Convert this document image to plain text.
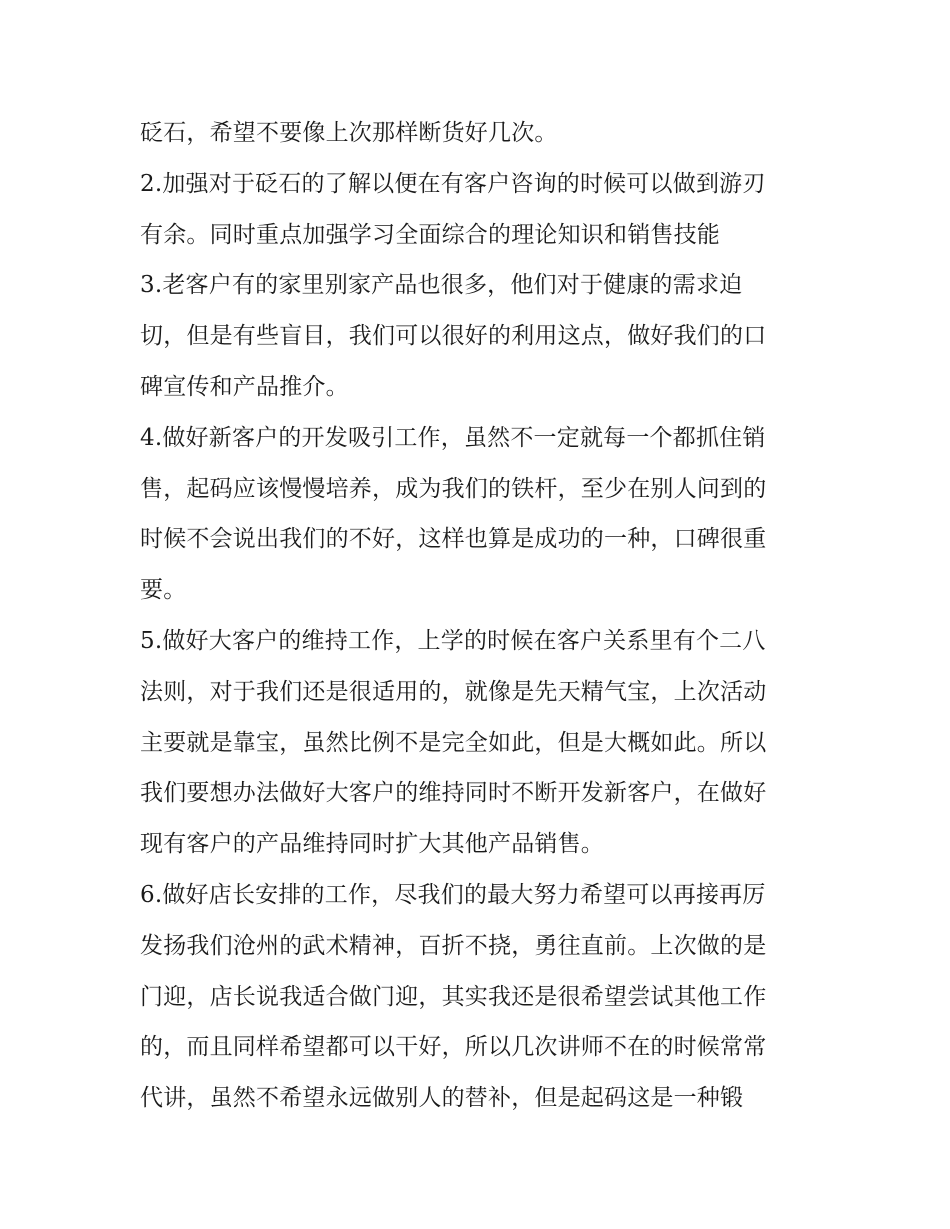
砭石，希望不要像上次那样断货好几次。
2.加强对于砭石的了解以便在有客户咨询的时候可以做到游刃
有余。同时重点加强学习全面综合的理论知识和销售技能
3.老客户有的家里别家产品也很多，他们对于健康的需求迫
切，但是有些盲目，我们可以很好的利用这点，做好我们的口
碑宣传和产品推介。
4.做好新客户的开发吸引工作，虽然不一定就每一个都抓住销
售，起码应该慢慢培养，成为我们的铁杆，至少在别人问到的
时候不会说出我们的不好，这样也算是成功的一种，口碑很重
要。
5.做好大客户的维持工作，上学的时候在客户关系里有个二八
法则，对于我们还是很适用的，就像是先天精气宝，上次活动
主要就是靠宝，虽然比例不是完全如此，但是大概如此。所以
我们要想办法做好大客户的维持同时不断开发新客户，在做好
现有客户的产品维持同时扩大其他产品销售。
6.做好店长安排的工作，尽我们的最大努力希望可以再接再厉
发扬我们沧州的武术精神，百折不挠，勇往直前。上次做的是
门迎，店长说我适合做门迎，其实我还是很希望尝试其他工作
的，而且同样希望都可以干好，所以几次讲师不在的时候常常
代讲，虽然不希望永远做别人的替补，但是起码这是一种锻
